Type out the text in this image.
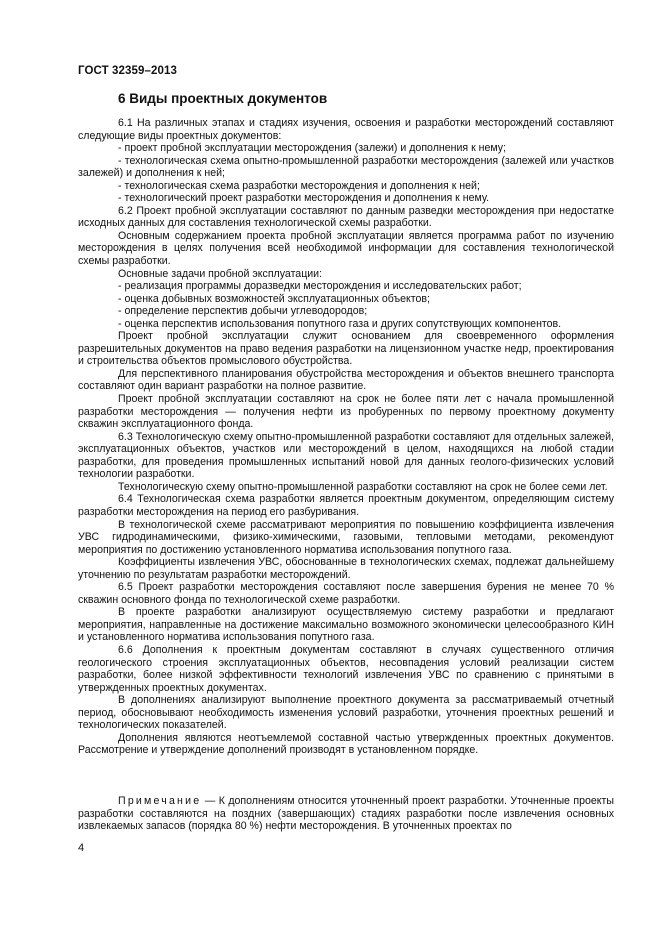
ГОСТ 32359–2013
6 Виды проектных документов

6.1 На различных этапах и стадиях изучения, освоения и разработки месторождений составляют следующие виды проектных документов:

- проект пробной эксплуатации месторождения (залежи) и дополнения к нему;

- технологическая схема опытно-промышленной разработки месторождения (залежей или участков залежей) и дополнения к ней;

- технологическая схема разработки месторождения и дополнения к ней;

- технологический проект разработки месторождения и дополнения к нему.

6.2 Проект пробной эксплуатации составляют по данным разведки месторождения при недостатке исходных данных для составления технологической схемы разработки.

Основным содержанием проекта пробной эксплуатации является программа работ по изучению месторождения в целях получения всей необходимой информации для составления технологической схемы разработки.

Основные задачи пробной эксплуатации:

- реализация программы доразведки месторождения и исследовательских работ;

- оценка добывных возможностей эксплуатационных объектов;

- определение перспектив добычи углеводородов;

- оценка перспектив использования попутного газа и других сопутствующих компонентов.

Проект пробной эксплуатации служит основанием для своевременного оформления разрешительных документов на право ведения разработки на лицензионном участке недр, проектирования и строительства объектов промыслового обустройства.

Для перспективного планирования обустройства месторождения и объектов внешнего транспорта составляют один вариант разработки на полное развитие.

Проект пробной эксплуатации составляют на срок не более пяти лет с начала промышленной разработки месторождения — получения нефти из пробуренных по первому проектному документу скважин эксплуатационного фонда.

6.3 Технологическую схему опытно-промышленной разработки составляют для отдельных залежей, эксплуатационных объектов, участков или месторождений в целом, находящихся на любой стадии разработки, для проведения промышленных испытаний новой для данных геолого-физических условий технологии разработки.

Технологическую схему опытно-промышленной разработки составляют на срок не более семи лет.

6.4 Технологическая схема разработки является проектным документом, определяющим систему разработки месторождения на период его разбуривания.

В технологической схеме рассматривают мероприятия по повышению коэффициента извлечения УВС гидродинамическими, физико-химическими, газовыми, тепловыми методами, рекомендуют мероприятия по достижению установленного норматива использования попутного газа.

Коэффициенты извлечения УВС, обоснованные в технологических схемах, подлежат дальнейшему уточнению по результатам разработки месторождений.

6.5 Проект разработки месторождения составляют после завершения бурения не менее 70 % скважин основного фонда по технологической схеме разработки.

В проекте разработки анализируют осуществляемую систему разработки и предлагают мероприятия, направленные на достижение максимально возможного экономически целесообразного КИН и установленного норматива использования попутного газа.

6.6 Дополнения к проектным документам составляют в случаях существенного отличия геологического строения эксплуатационных объектов, несовпадения условий реализации систем разработки, более низкой эффективности технологий извлечения УВС по сравнению с принятыми в утвержденных проектных документах.

В дополнениях анализируют выполнение проектного документа за рассматриваемый отчетный период, обосновывают необходимость изменения условий разработки, уточнения проектных решений и технологических показателей.

Дополнения являются неотъемлемой составной частью утвержденных проектных документов. Рассмотрение и утверждение дополнений производят в установленном порядке.

Примечание — К дополнениям относится уточненный проект разработки. Уточненные проекты разработки составляются на поздних (завершающих) стадиях разработки после извлечения основных извлекаемых запасов (порядка 80 %) нефти месторождения. В уточненных проектах по

4
